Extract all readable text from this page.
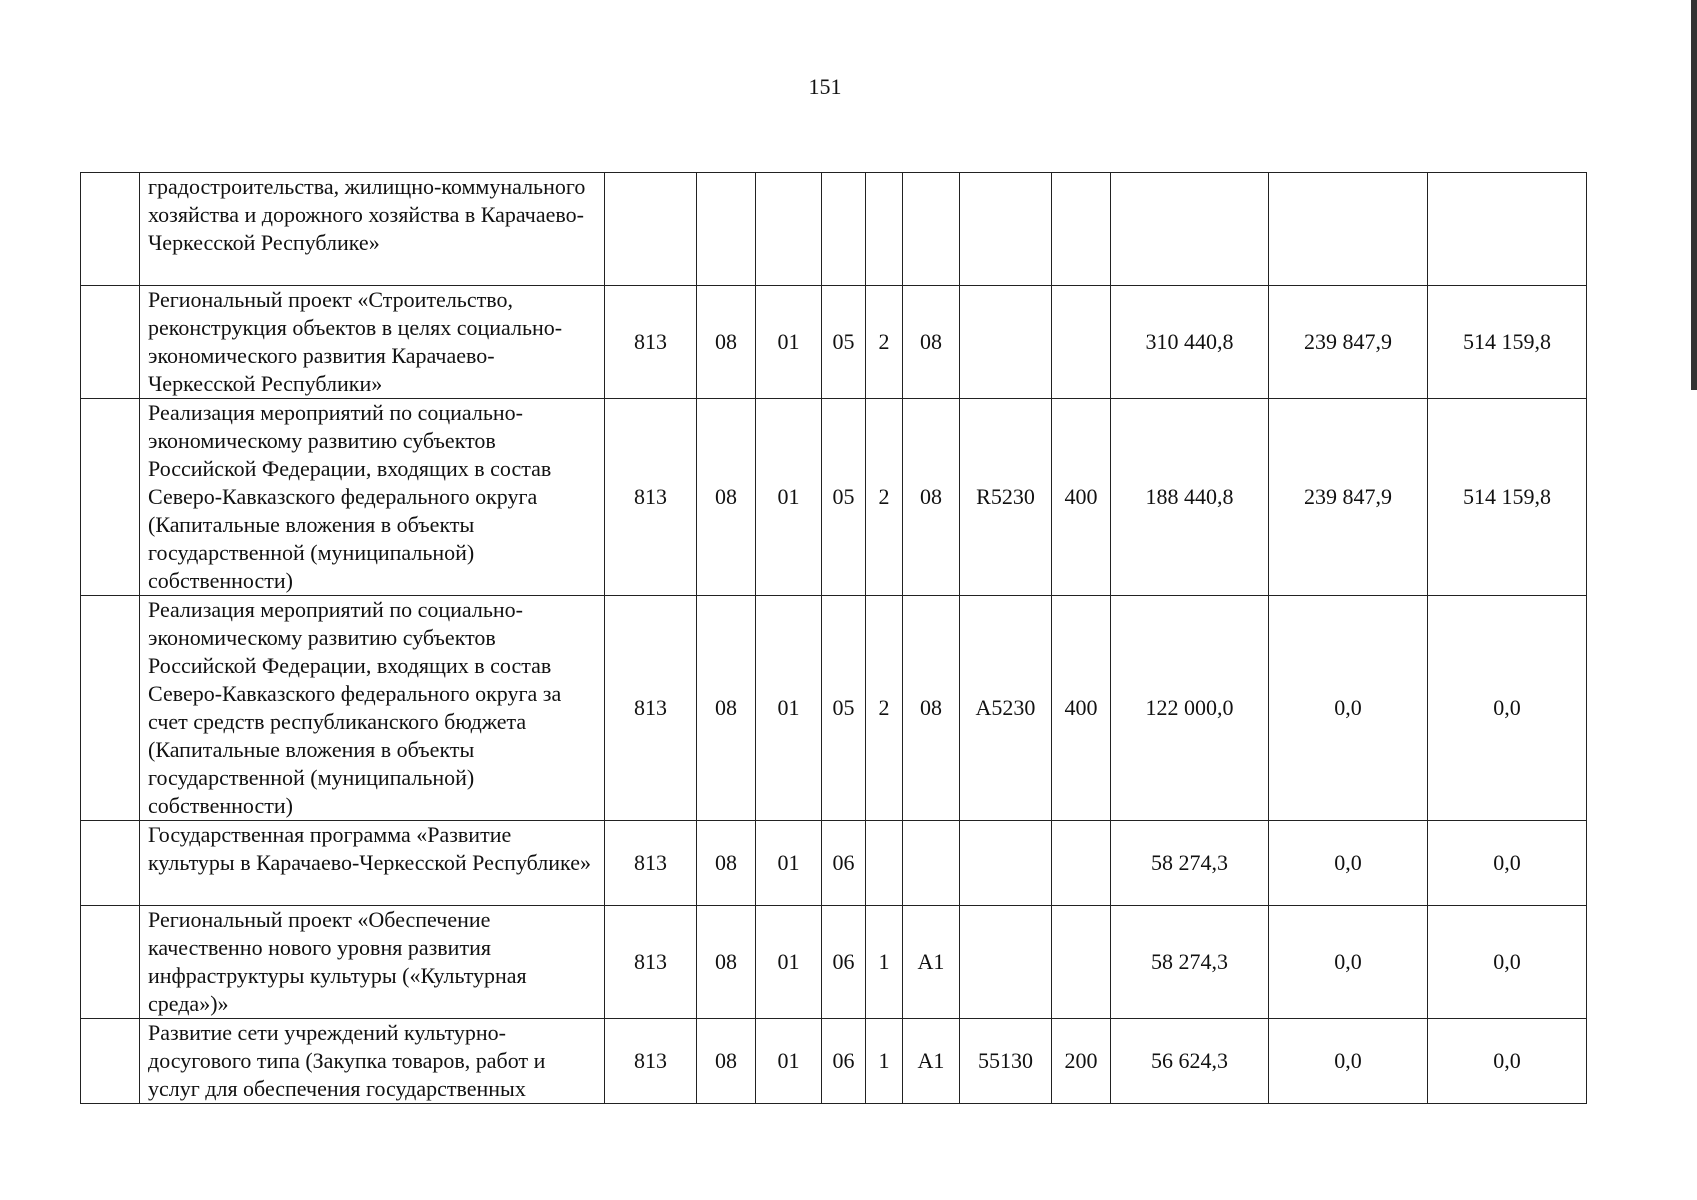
151
	градостроительства, жилищно-коммунального хозяйства и дорожного хозяйства в Карачаево-Черкесской Республике»											
	Региональный проект «Строительство, реконструкция объектов в целях социально-экономического развития Карачаево-Черкесской Республики»	813	08	01	05	2	08			310 440,8	239 847,9	514 159,8
	Реализация мероприятий по социально-экономическому развитию субъектов Российской Федерации, входящих в состав Северо-Кавказского федерального округа (Капитальные вложения в объекты государственной (муниципальной) собственности)	813	08	01	05	2	08	R5230	400	188 440,8	239 847,9	514 159,8
	Реализация мероприятий по социально-экономическому развитию субъектов Российской Федерации, входящих в состав Северо-Кавказского федерального округа за счет средств республиканского бюджета (Капитальные вложения в объекты государственной (муниципальной) собственности)	813	08	01	05	2	08	А5230	400	122 000,0	0,0	0,0
	Государственная программа «Развитие культуры в Карачаево-Черкесской Республике»	813	08	01	06					58 274,3	0,0	0,0
	Региональный проект «Обеспечение качественно нового уровня развития инфраструктуры культуры («Культурная среда»)»	813	08	01	06	1	А1			58 274,3	0,0	0,0
	Развитие сети учреждений культурно-досугового типа (Закупка товаров, работ и услуг для обеспечения государственных	813	08	01	06	1	А1	55130	200	56 624,3	0,0	0,0
